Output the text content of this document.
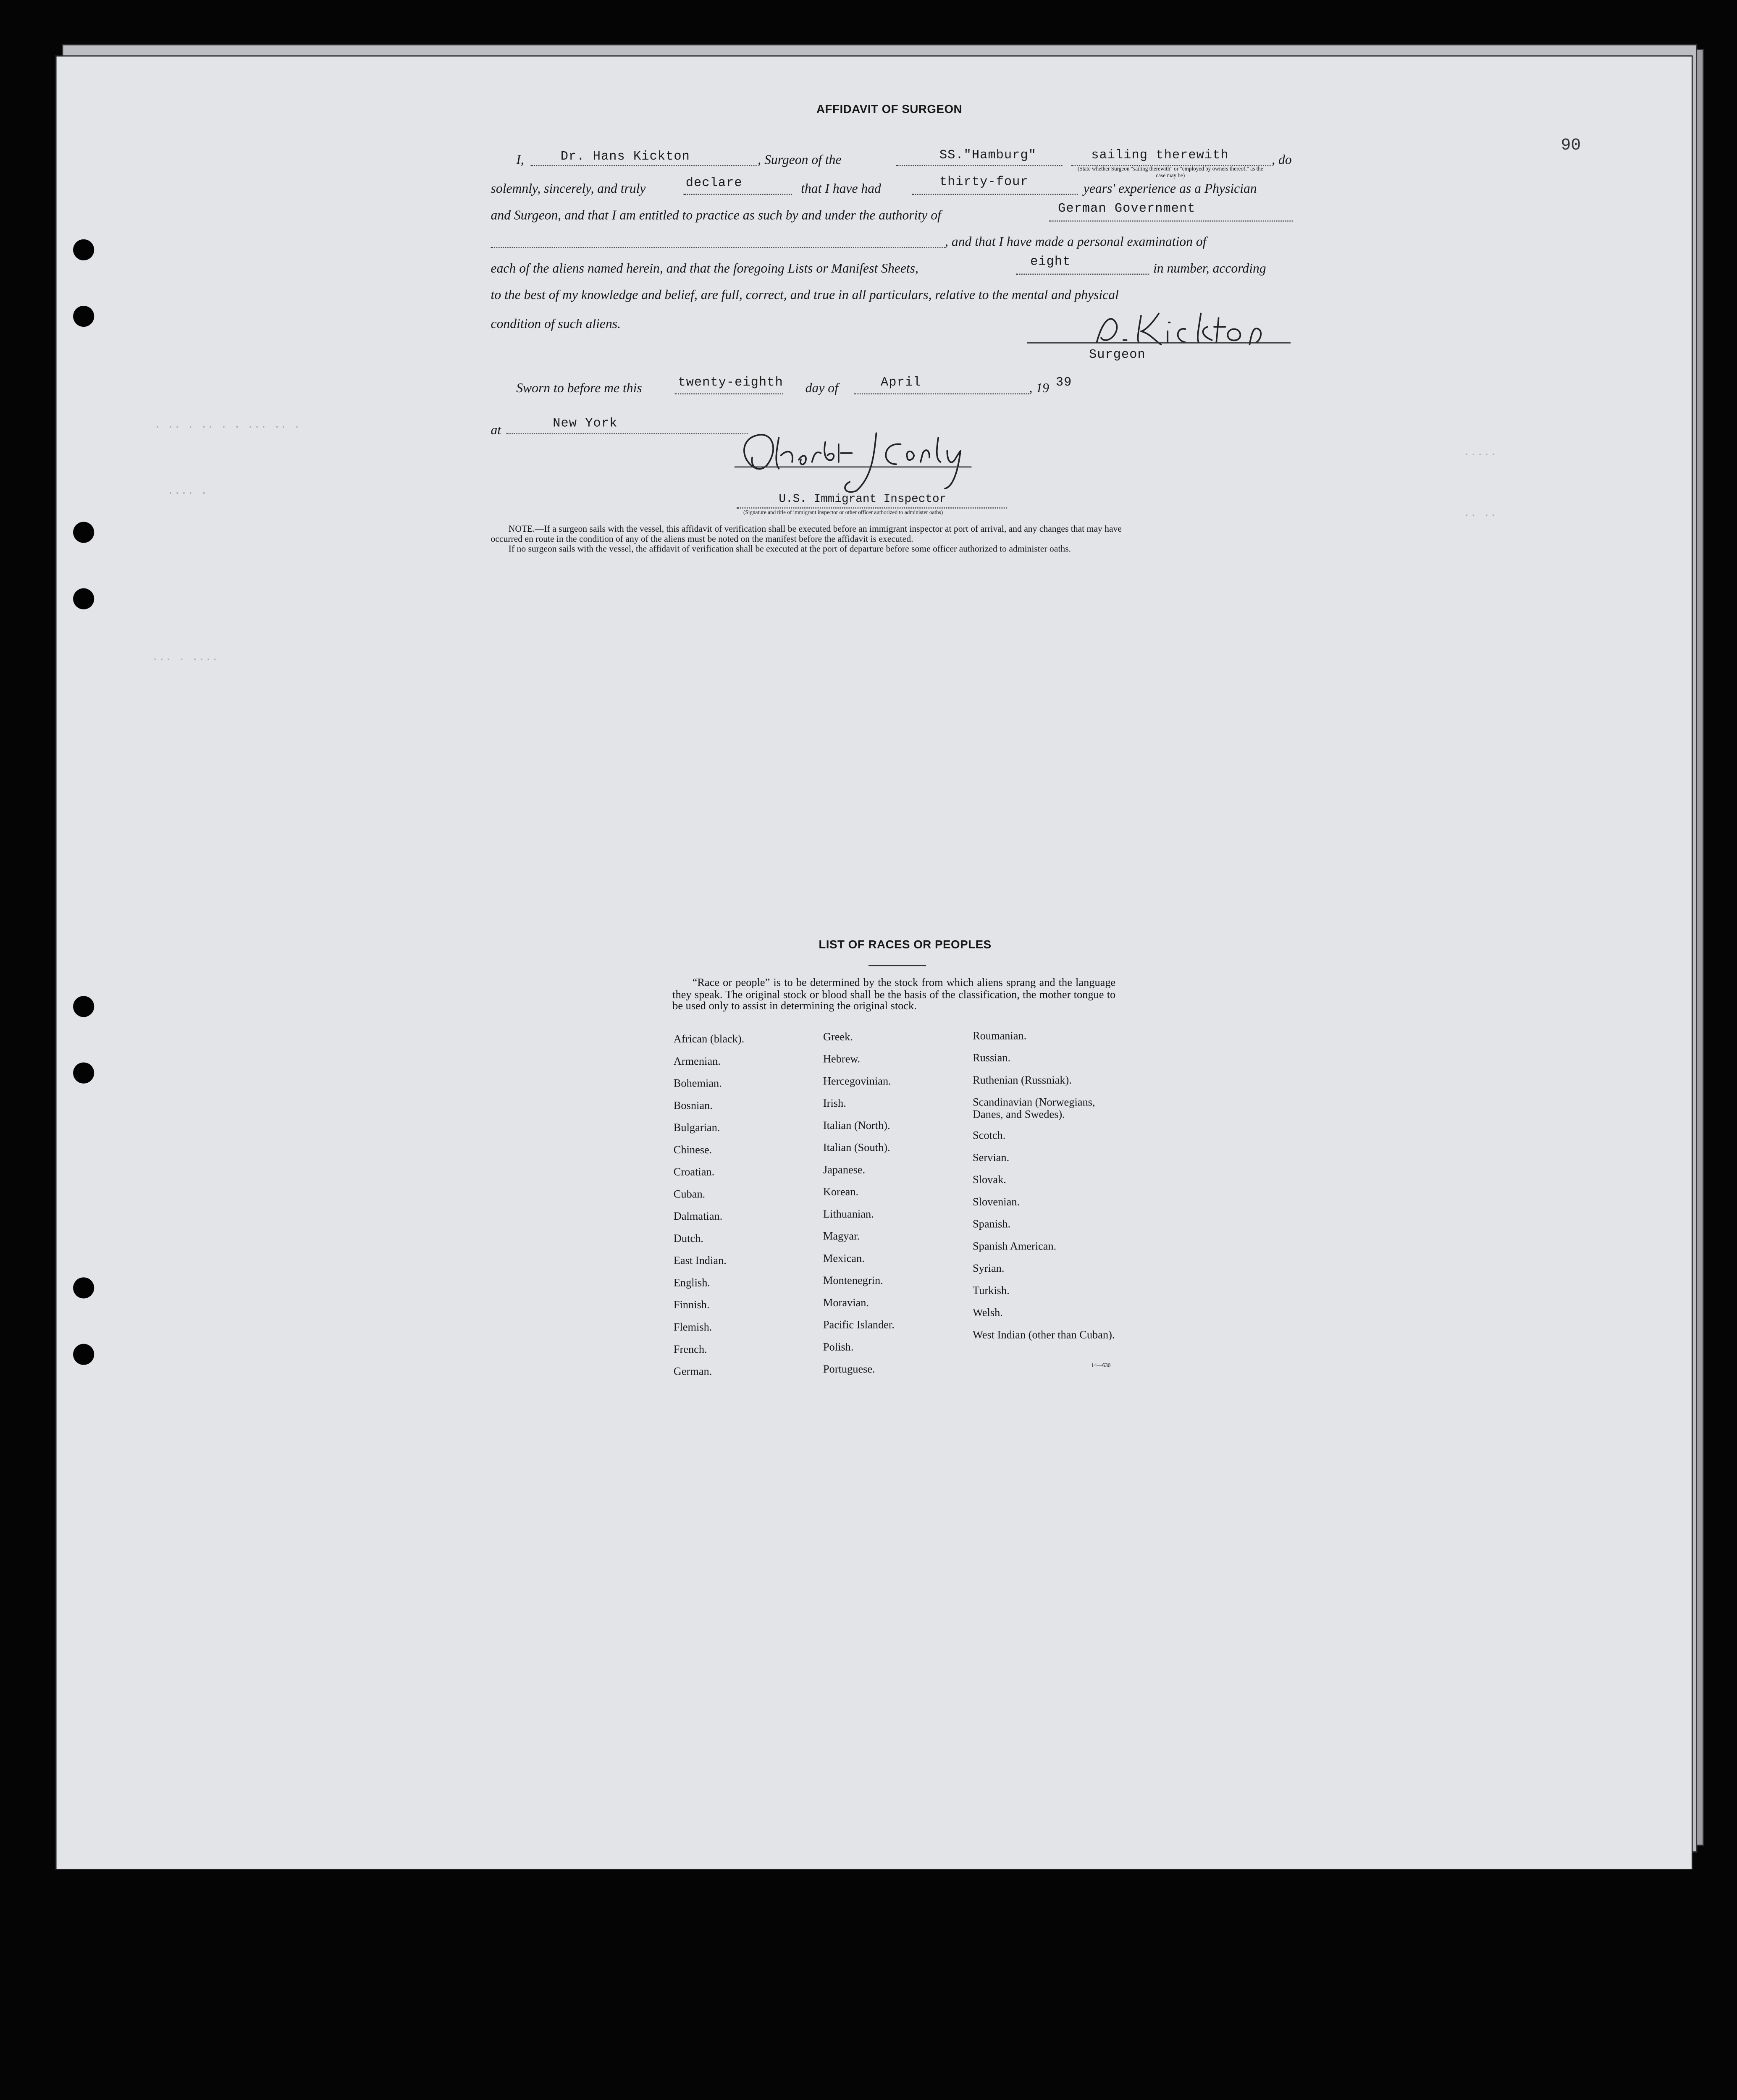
90
AFFIDAVIT OF SURGEON
I,	Dr. Hans Kickton	, Surgeon of the	SS."Hamburg"	sailing therewith	, do
(State whether Surgeon "sailing therewith" or "employed by owners thereof," as the case may be)
solemnly, sincerely, and truly	declare	that I have had	thirty-four	years' experience as a Physician
and Surgeon, and that I am entitled to practice as such by and under the authority of	German Government
, and that I have made a personal examination of
each of the aliens named herein, and that the foregoing Lists or Manifest Sheets,	eight	in number, according
to the best of my knowledge and belief, are full, correct, and true in all particulars, relative to the mental and physical
condition of such aliens.
Surgeon
Sworn to before me this	twenty-eighth	day of	April	, 19 39
at	New York
· ·· · ·· · · ··· ·· ·
···· ·
··· · ····
·····
·· ··
U.S. Immigrant Inspector
(Signature and title of immigrant inspector or other officer authorized to administer oaths)
NOTE.—If a surgeon sails with the vessel, this affidavit of verification shall be executed before an immigrant inspector at port of arrival, and any changes that may have
occurred en route in the condition of any of the aliens must be noted on the manifest before the affidavit is executed.
If no surgeon sails with the vessel, the affidavit of verification shall be executed at the port of departure before some officer authorized to administer oaths.
LIST OF RACES OR PEOPLES
“Race or people” is to be determined by the stock from which aliens sprang and the language they speak. The original stock or blood shall be the basis of the classification, the mother tongue to be used only to assist in determining the original stock.
African (black).
Armenian.
Bohemian.
Bosnian.
Bulgarian.
Chinese.
Croatian.
Cuban.
Dalmatian.
Dutch.
East Indian.
English.
Finnish.
Flemish.
French.
German.
Greek.
Hebrew.
Hercegovinian.
Irish.
Italian (North).
Italian (South).
Japanese.
Korean.
Lithuanian.
Magyar.
Mexican.
Montenegrin.
Moravian.
Pacific Islander.
Polish.
Portuguese.
Roumanian.
Russian.
Ruthenian (Russniak).
Scandinavian (Norwegians, Danes, and Swedes).
Scotch.
Servian.
Slovak.
Slovenian.
Spanish.
Spanish American.
Syrian.
Turkish.
Welsh.
West Indian (other than Cuban).
14—630
